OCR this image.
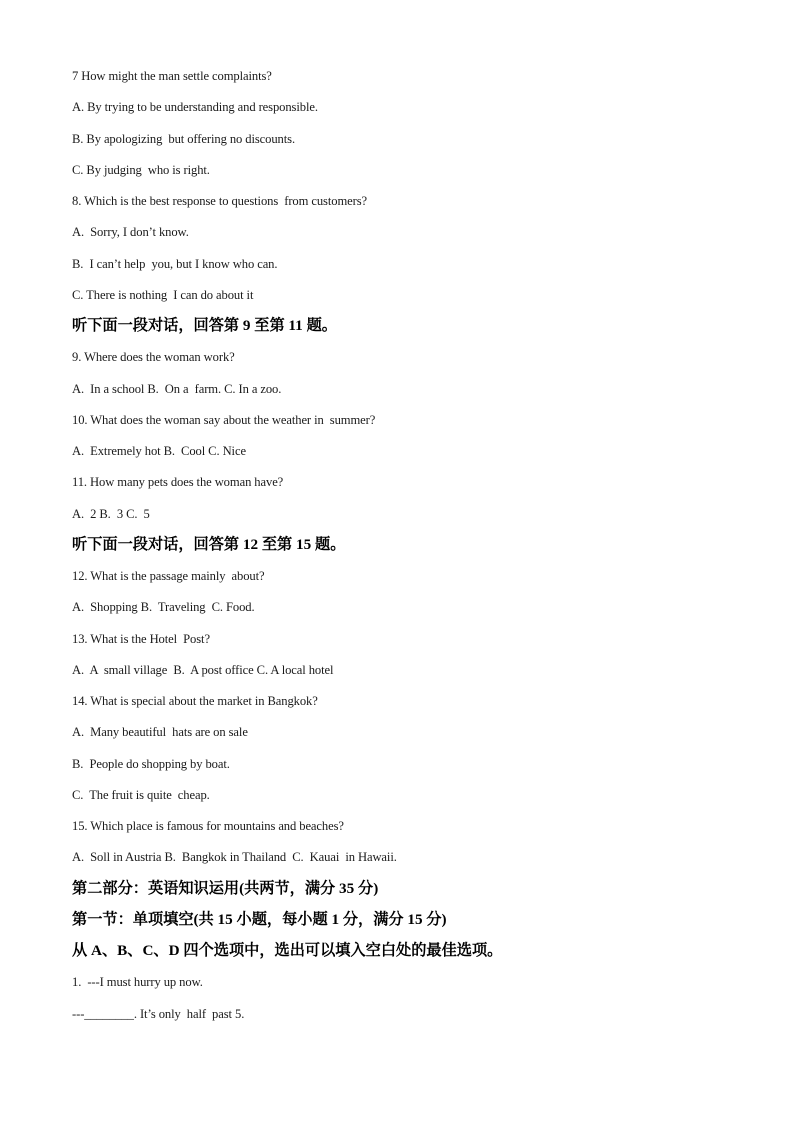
7 How might the man settle complaints?
A. By trying to be understanding and responsible.
B. By apologizing  but offering no discounts.
C. By judging  who is right.
8. Which is the best response to questions  from customers?
A.  Sorry, I don’t know.
B.  I can’t help  you, but I know who can.
C. There is nothing  I can do about it
听下面一段对话，回答第 9 至第 11 题。
9. Where does the woman work?
A.  In a school B.  On a  farm. C. In a zoo.
10. What does the woman say about the weather in  summer?
A.  Extremely hot B.  Cool C. Nice
11. How many pets does the woman have?
A.  2 B.  3 C.  5
听下面一段对话，回答第 12 至第 15 题。
12. What is the passage mainly  about?
A.  Shopping B.  Traveling  C. Food.
13. What is the Hotel  Post?
A.  A  small village  B.  A post office C. A local hotel
14. What is special about the market in Bangkok?
A.  Many beautiful  hats are on sale
B.  People do shopping by boat.
C.  The fruit is quite  cheap.
15. Which place is famous for mountains and beaches?
A.  Soll in Austria B.  Bangkok in Thailand  C.  Kauai  in Hawaii.
第二部分：英语知识运用(共两节，满分 35 分)
第一节：单项填空(共 15 小题，每小题 1 分，满分 15 分)
从 A、B、C、D 四个选项中，选出可以填入空白处的最佳选项。
1.  ---I must hurry up now.
---________. It’s only  half  past 5.
